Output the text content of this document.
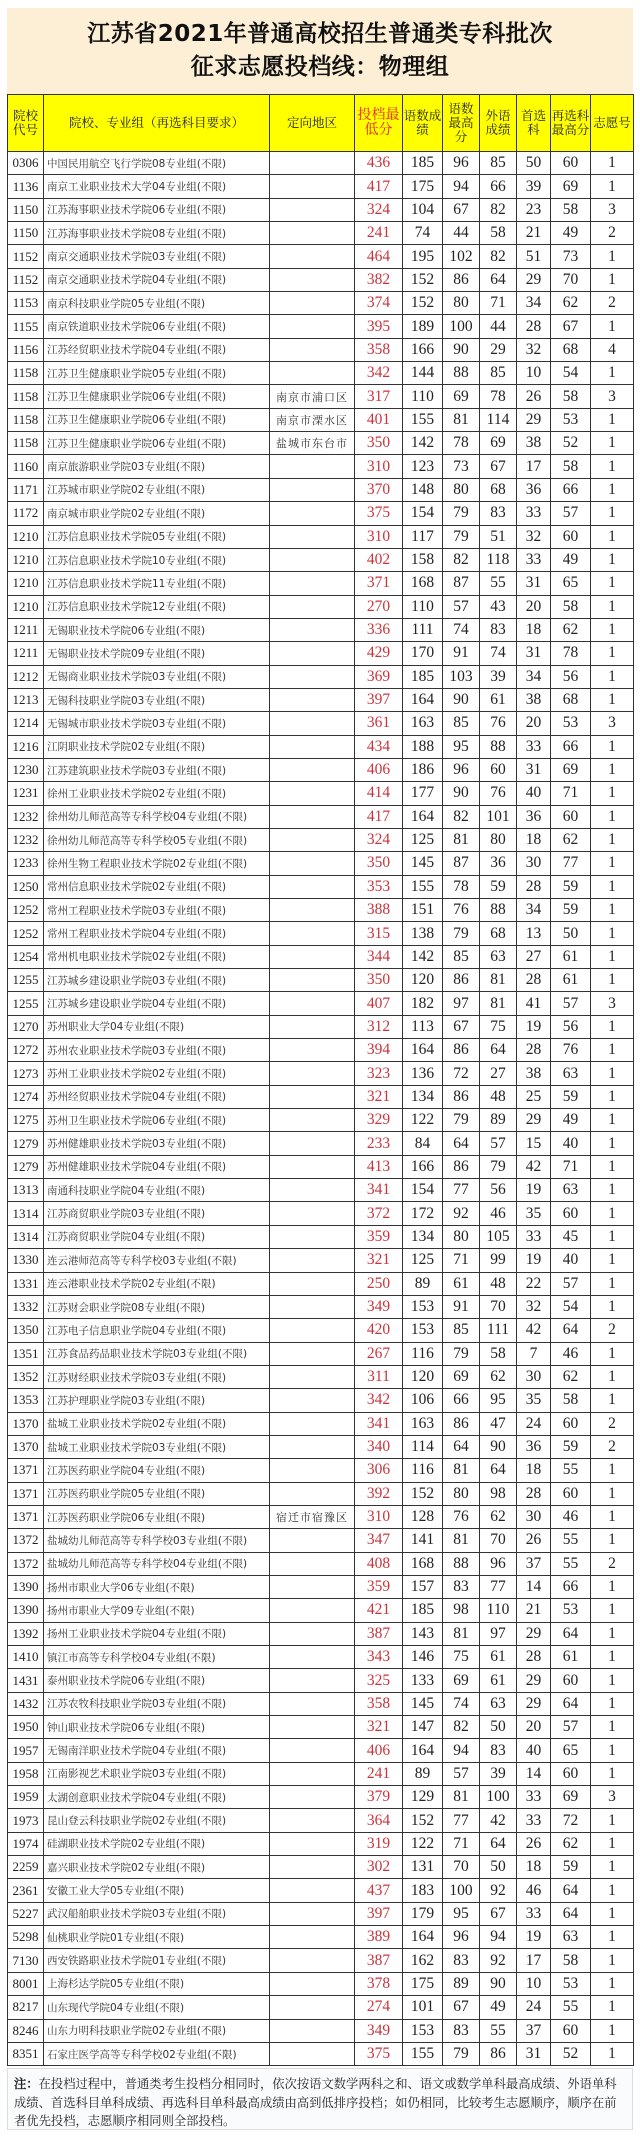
江苏省2021年普通高校招生普通类专科批次
征求志愿投档线：物理组
院校代号	院校、专业组（再选科目要求）	定向地区	投档最低分	语数成绩	语数最高分	外语成绩	首选科	再选科最高分	志愿号
0306	中国民用航空飞行学院08专业组(不限)		436	185	96	85	50	60	1
1136	南京工业职业技术大学04专业组(不限)		417	175	94	66	39	69	1
1150	江苏海事职业技术学院06专业组(不限)		324	104	67	82	23	58	3
1150	江苏海事职业技术学院08专业组(不限)		241	74	44	58	21	49	2
1152	南京交通职业技术学院03专业组(不限)		464	195	102	82	51	73	1
1152	南京交通职业技术学院04专业组(不限)		382	152	86	64	29	70	1
1153	南京科技职业学院05专业组(不限)		374	152	80	71	34	62	2
1155	南京铁道职业技术学院06专业组(不限)		395	189	100	44	28	67	1
1156	江苏经贸职业技术学院04专业组(不限)		358	166	90	29	32	68	4
1158	江苏卫生健康职业学院05专业组(不限)		342	144	88	85	10	54	1
1158	江苏卫生健康职业学院06专业组(不限)	南京市浦口区	317	110	69	78	26	58	3
1158	江苏卫生健康职业学院06专业组(不限)	南京市溧水区	401	155	81	114	29	53	1
1158	江苏卫生健康职业学院06专业组(不限)	盐城市东台市	350	142	78	69	38	52	1
1160	南京旅游职业学院03专业组(不限)		310	123	73	67	17	58	1
1171	江苏城市职业学院02专业组(不限)		370	148	80	68	36	66	1
1172	南京城市职业学院02专业组(不限)		375	154	79	83	33	57	1
1210	江苏信息职业技术学院05专业组(不限)		310	117	79	51	32	60	1
1210	江苏信息职业技术学院10专业组(不限)		402	158	82	118	33	49	1
1210	江苏信息职业技术学院11专业组(不限)		371	168	87	55	31	65	1
1210	江苏信息职业技术学院12专业组(不限)		270	110	57	43	20	58	1
1211	无锡职业技术学院06专业组(不限)		336	111	74	83	18	62	1
1211	无锡职业技术学院09专业组(不限)		429	170	91	74	31	78	1
1212	无锡商业职业技术学院03专业组(不限)		369	185	103	39	34	56	1
1213	无锡科技职业学院03专业组(不限)		397	164	90	61	38	68	1
1214	无锡城市职业技术学院03专业组(不限)		361	163	85	76	20	53	3
1216	江阴职业技术学院02专业组(不限)		434	188	95	88	33	66	1
1230	江苏建筑职业技术学院03专业组(不限)		406	186	96	60	31	69	1
1231	徐州工业职业技术学院02专业组(不限)		414	177	90	76	40	71	1
1232	徐州幼儿师范高等专科学校04专业组(不限)		417	164	82	101	36	60	1
1232	徐州幼儿师范高等专科学校05专业组(不限)		324	125	81	80	18	62	1
1233	徐州生物工程职业技术学院02专业组(不限)		350	145	87	36	30	77	1
1250	常州信息职业技术学院02专业组(不限)		353	155	78	59	28	59	1
1252	常州工程职业技术学院03专业组(不限)		388	151	76	88	34	59	1
1252	常州工程职业技术学院04专业组(不限)		315	138	79	68	13	50	1
1254	常州机电职业技术学院02专业组(不限)		344	142	85	63	27	61	1
1255	江苏城乡建设职业学院03专业组(不限)		350	120	86	81	28	61	1
1255	江苏城乡建设职业学院04专业组(不限)		407	182	97	81	41	57	3
1270	苏州职业大学04专业组(不限)		312	113	67	75	19	56	1
1272	苏州农业职业技术学院03专业组(不限)		394	164	86	64	28	76	1
1273	苏州工业职业技术学院02专业组(不限)		323	136	72	27	38	63	1
1274	苏州经贸职业技术学院04专业组(不限)		321	134	86	48	25	59	1
1275	苏州卫生职业技术学院06专业组(不限)		329	122	79	89	29	49	1
1279	苏州健雄职业技术学院03专业组(不限)		233	84	64	57	15	40	1
1279	苏州健雄职业技术学院04专业组(不限)		413	166	86	79	42	71	1
1313	南通科技职业学院04专业组(不限)		341	154	77	56	19	63	1
1314	江苏商贸职业学院03专业组(不限)		372	172	92	46	35	60	1
1314	江苏商贸职业学院04专业组(不限)		359	134	80	105	33	45	1
1330	连云港师范高等专科学校03专业组(不限)		321	125	71	99	19	40	1
1331	连云港职业技术学院02专业组(不限)		250	89	61	48	22	57	1
1332	江苏财会职业学院08专业组(不限)		349	153	91	70	32	54	1
1350	江苏电子信息职业学院04专业组(不限)		420	153	85	111	42	64	2
1351	江苏食品药品职业技术学院03专业组(不限)		267	116	79	58	7	46	1
1352	江苏财经职业技术学院03专业组(不限)		311	120	69	62	30	62	1
1353	江苏护理职业学院03专业组(不限)		342	106	66	95	35	58	1
1370	盐城工业职业技术学院02专业组(不限)		341	163	86	47	24	60	2
1370	盐城工业职业技术学院03专业组(不限)		340	114	64	90	36	59	2
1371	江苏医药职业学院04专业组(不限)		306	116	81	64	18	55	1
1371	江苏医药职业学院05专业组(不限)		392	152	80	98	28	60	1
1371	江苏医药职业学院06专业组(不限)	宿迁市宿豫区	310	128	76	62	30	46	1
1372	盐城幼儿师范高等专科学校03专业组(不限)		347	141	81	70	26	55	1
1372	盐城幼儿师范高等专科学校04专业组(不限)		408	168	88	96	37	55	2
1390	扬州市职业大学06专业组(不限)		359	157	83	77	14	66	1
1390	扬州市职业大学09专业组(不限)		421	185	98	110	21	53	1
1392	扬州工业职业技术学院04专业组(不限)		387	143	81	97	29	64	1
1410	镇江市高等专科学校04专业组(不限)		343	146	75	61	28	61	1
1431	泰州职业技术学院06专业组(不限)		325	133	69	61	29	60	1
1432	江苏农牧科技职业学院03专业组(不限)		358	145	74	63	29	64	1
1950	钟山职业技术学院06专业组(不限)		321	147	82	50	20	57	1
1957	无锡南洋职业技术学院04专业组(不限)		406	164	94	83	40	65	1
1958	江南影视艺术职业学院03专业组(不限)		241	89	57	39	14	60	1
1959	太湖创意职业技术学院04专业组(不限)		379	129	81	100	33	69	3
1973	昆山登云科技职业学院02专业组(不限)		364	152	77	42	33	72	1
1974	硅湖职业技术学院02专业组(不限)		319	122	71	64	26	62	1
2259	嘉兴职业技术学院02专业组(不限)		302	131	70	50	18	59	1
2361	安徽工业大学05专业组(不限)		437	183	100	92	46	64	1
5227	武汉船舶职业技术学院03专业组(不限)		397	179	95	67	33	64	1
5298	仙桃职业学院01专业组(不限)		389	164	96	94	19	63	1
7130	西安铁路职业技术学院01专业组(不限)		387	162	83	92	17	58	1
8001	上海杉达学院05专业组(不限)		378	175	89	90	10	53	1
8217	山东现代学院04专业组(不限)		274	101	67	49	24	55	1
8246	山东力明科技职业学院02专业组(不限)		349	153	83	55	37	60	1
8351	石家庄医学高等专科学校02专业组(不限)		375	155	79	86	31	52	1
注：在投档过程中，普通类考生投档分相同时，依次按语文数学两科之和、语文或数学单科最高成绩、外语单科成绩、首选科目单科成绩、再选科目单科最高成绩由高到低排序投档；如仍相同，比较考生志愿顺序，顺序在前者优先投档，志愿顺序相同则全部投档。
